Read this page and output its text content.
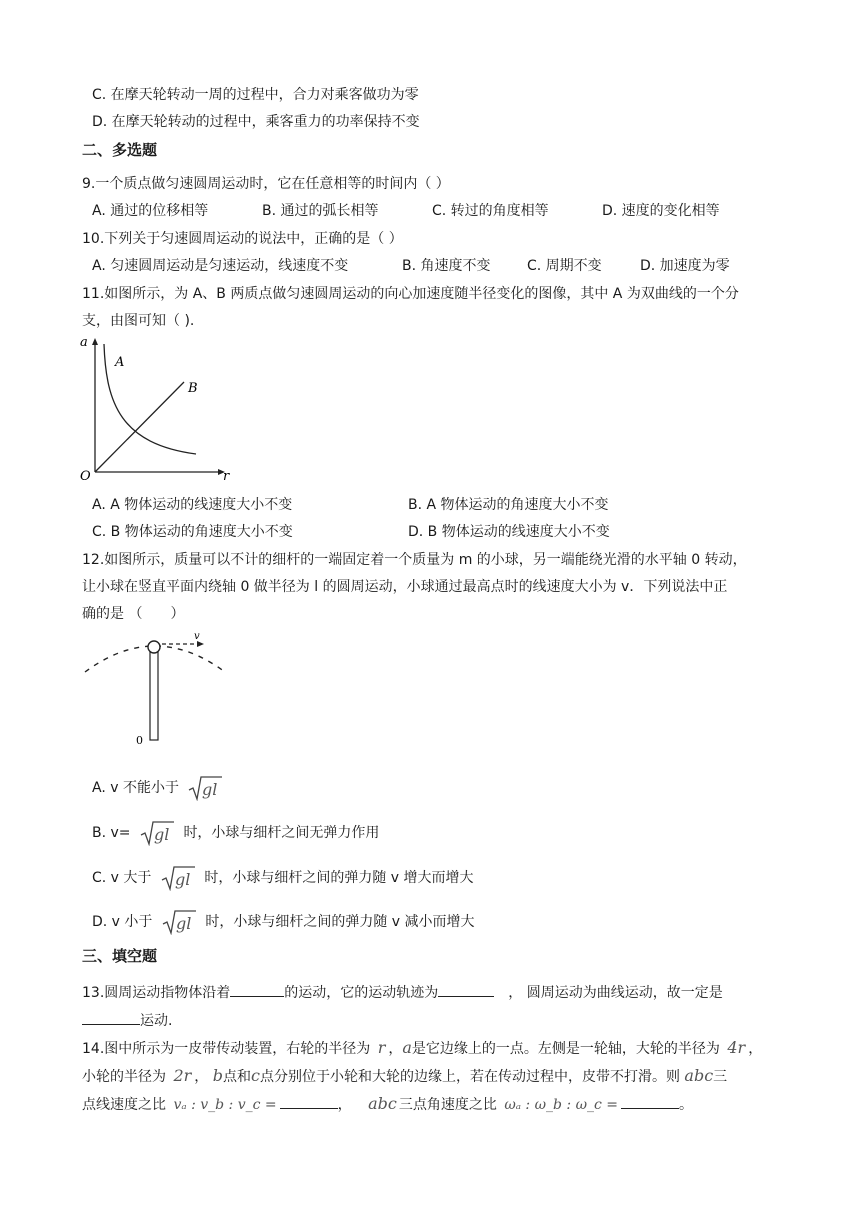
C. 在摩天轮转动一周的过程中，合力对乘客做功为零
D. 在摩天轮转动的过程中，乘客重力的功率保持不变
二、多选题
9.一个质点做匀速圆周运动时，它在任意相等的时间内（ ）
A. 通过的位移相等	B. 通过的弧长相等	C. 转过的角度相等	D. 速度的变化相等
10.下列关于匀速圆周运动的说法中，正确的是（ ）
A. 匀速圆周运动是匀速运动，线速度不变	B. 角速度不变	C. 周期不变	D. 加速度为零
11.如图所示，为 A、B 两质点做匀速圆周运动的向心加速度随半径变化的图像，其中 A 为双曲线的一个分
支，由图可知（ ).
a
r
O
A
B
A. A 物体运动的线速度大小不变	B. A 物体运动的角速度大小不变
C. B 物体运动的角速度大小不变	D. B 物体运动的线速度大小不变
12.如图所示，质量可以不计的细杆的一端固定着一个质量为 m 的小球，另一端能绕光滑的水平轴 0 转动，
让小球在竖直平面内绕轴 0 做半径为 l 的圆周运动，小球通过最高点时的线速度大小为 v．下列说法中正
确的是 （　　）
v
0
A. v 不能小于 gl
B. v= gl 时，小球与细杆之间无弹力作用
C. v 大于 gl 时，小球与细杆之间的弹力随 v 增大而增大
D. v 小于 gl 时，小球与细杆之间的弹力随 v 减小而增大
三、填空题
13.圆周运动指物体沿着	的运动，它的运动轨迹为	， 圆周运动为曲线运动，故一定是
运动.
14.图中所示为一皮带传动装置，右轮的半径为 r ，a是它边缘上的一点。左侧是一轮轴，大轮的半径为 4r ，
小轮的半径为 2r ， b点和c点分别位于小轮和大轮的边缘上，若在传动过程中，皮带不打滑。则 abc三
点线速度之比 vₐ : v_b : v_c =	， abc 三点角速度之比 ωₐ : ω_b : ω_c =	。
